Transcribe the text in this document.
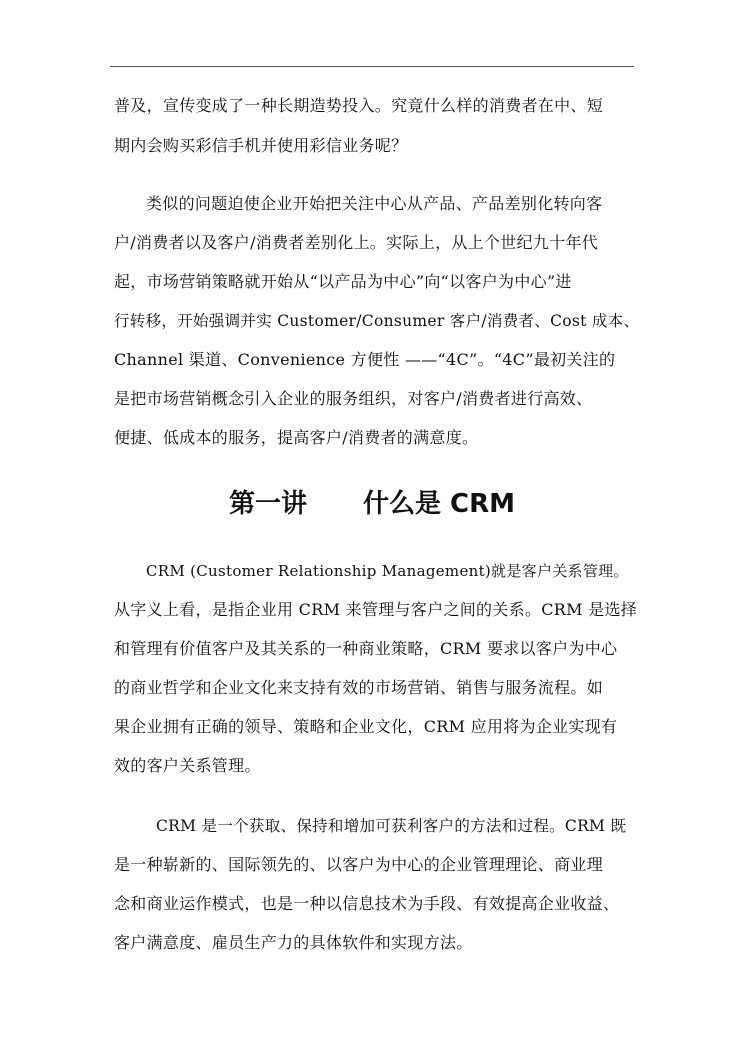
普及，宣传变成了一种长期造势投入。究竟什么样的消费者在中、短
期内会购买彩信手机并使用彩信业务呢？
类似的问题迫使企业开始把关注中心从产品、产品差别化转向客
户/消费者以及客户/消费者差别化上。实际上，从上个世纪九十年代
起，市场营销策略就开始从“以产品为中心”向“以客户为中心”进
行转移，开始强调并实 Customer/Consumer 客户/消费者、Cost 成本、
Channel 渠道、Convenience 方便性 ——“4C”。“4C”最初关注的
是把市场营销概念引入企业的服务组织，对客户/消费者进行高效、
便捷、低成本的服务，提高客户/消费者的满意度。
第一讲 什么是 CRM
CRM (Customer Relationship Management)就是客户关系管理。
从字义上看，是指企业用 CRM 来管理与客户之间的关系。CRM 是选择
和管理有价值客户及其关系的一种商业策略，CRM 要求以客户为中心
的商业哲学和企业文化来支持有效的市场营销、销售与服务流程。如
果企业拥有正确的领导、策略和企业文化，CRM 应用将为企业实现有
效的客户关系管理。
CRM 是一个获取、保持和增加可获利客户的方法和过程。CRM 既
是一种崭新的、国际领先的、以客户为中心的企业管理理论、商业理
念和商业运作模式，也是一种以信息技术为手段、有效提高企业收益、
客户满意度、雇员生产力的具体软件和实现方法。
